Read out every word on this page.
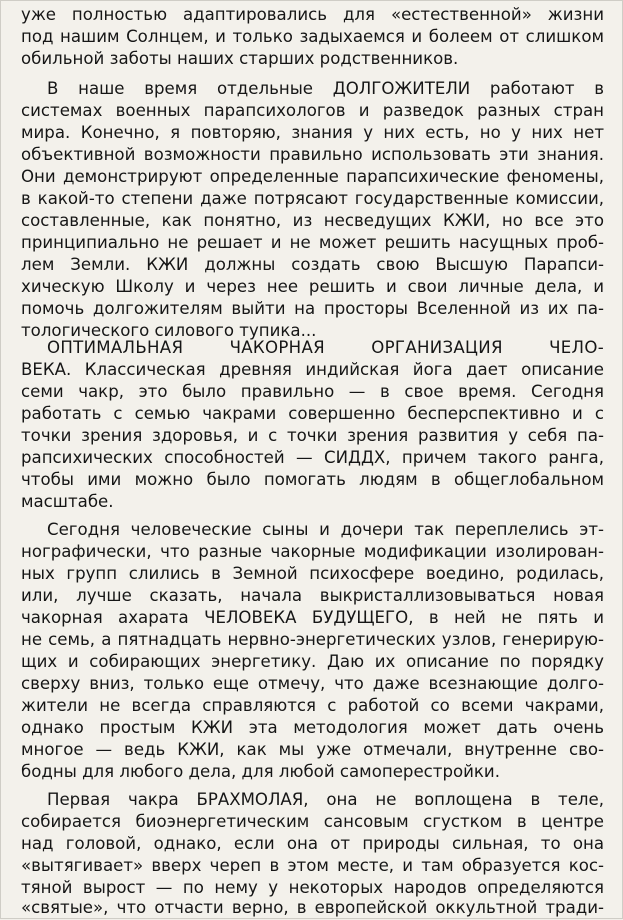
уже полностью адаптировались для «естественной» жизни
под нашим Солнцем, и только задыхаемся и болеем от слишком
обильной заботы наших старших родственников.
В наше время отдельные ДОЛГОЖИТЕЛИ работают в
системах военных парапсихологов и разведок разных стран
мира. Конечно, я повторяю, знания у них есть, но у них нет
объективной возможности правильно использовать эти знания.
Они демонстрируют определенные парапсихические феномены,
в какой-то степени даже потрясают государственные комиссии,
составленные, как понятно, из несведущих КЖИ, но все это
принципиально не решает и не может решить насущных проб-
лем Земли. КЖИ должны создать свою Высшую Парапси-
хическую Школу и через нее решить и свои личные дела, и
помочь долгожителям выйти на просторы Вселенной из их па-
тологического силового тупика...
ОПТИМАЛЬНАЯ ЧАКОРНАЯ ОРГАНИЗАЦИЯ ЧЕЛО-
ВЕКА. Классическая древняя индийская йога дает описание
семи чакр, это было правильно — в свое время. Сегодня
работать с семью чакрами совершенно бесперспективно и с
точки зрения здоровья, и с точки зрения развития у себя па-
рапсихических способностей — СИДДХ, причем такого ранга,
чтобы ими можно было помогать людям в общеглобальном
масштабе.
Сегодня человеческие сыны и дочери так переплелись эт-
нографически, что разные чакорные модификации изолирован-
ных групп слились в Земной психосфере воедино, родилась,
или, лучше сказать, начала выкристаллизовываться новая
чакорная ахарата ЧЕЛОВЕКА БУДУЩЕГО, в ней не пять и
не семь, а пятнадцать нервно-энергетических узлов, генерирую-
щих и собирающих энергетику. Даю их описание по порядку
сверху вниз, только еще отмечу, что даже всезнающие долго-
жители не всегда справляются с работой со всеми чакрами,
однако простым КЖИ эта методология может дать очень
многое — ведь КЖИ, как мы уже отмечали, внутренне сво-
бодны для любого дела, для любой самоперестройки.
Первая чакра БРАХМОЛАЯ, она не воплощена в теле,
собирается биоэнергетическим сансовым сгустком в центре
над головой, однако, если она от природы сильная, то она
«вытягивает» вверх череп в этом месте, и там образуется кос-
тяной вырост — по нему у некоторых народов определяются
«святые», что отчасти верно, в европейской оккультной тради-
